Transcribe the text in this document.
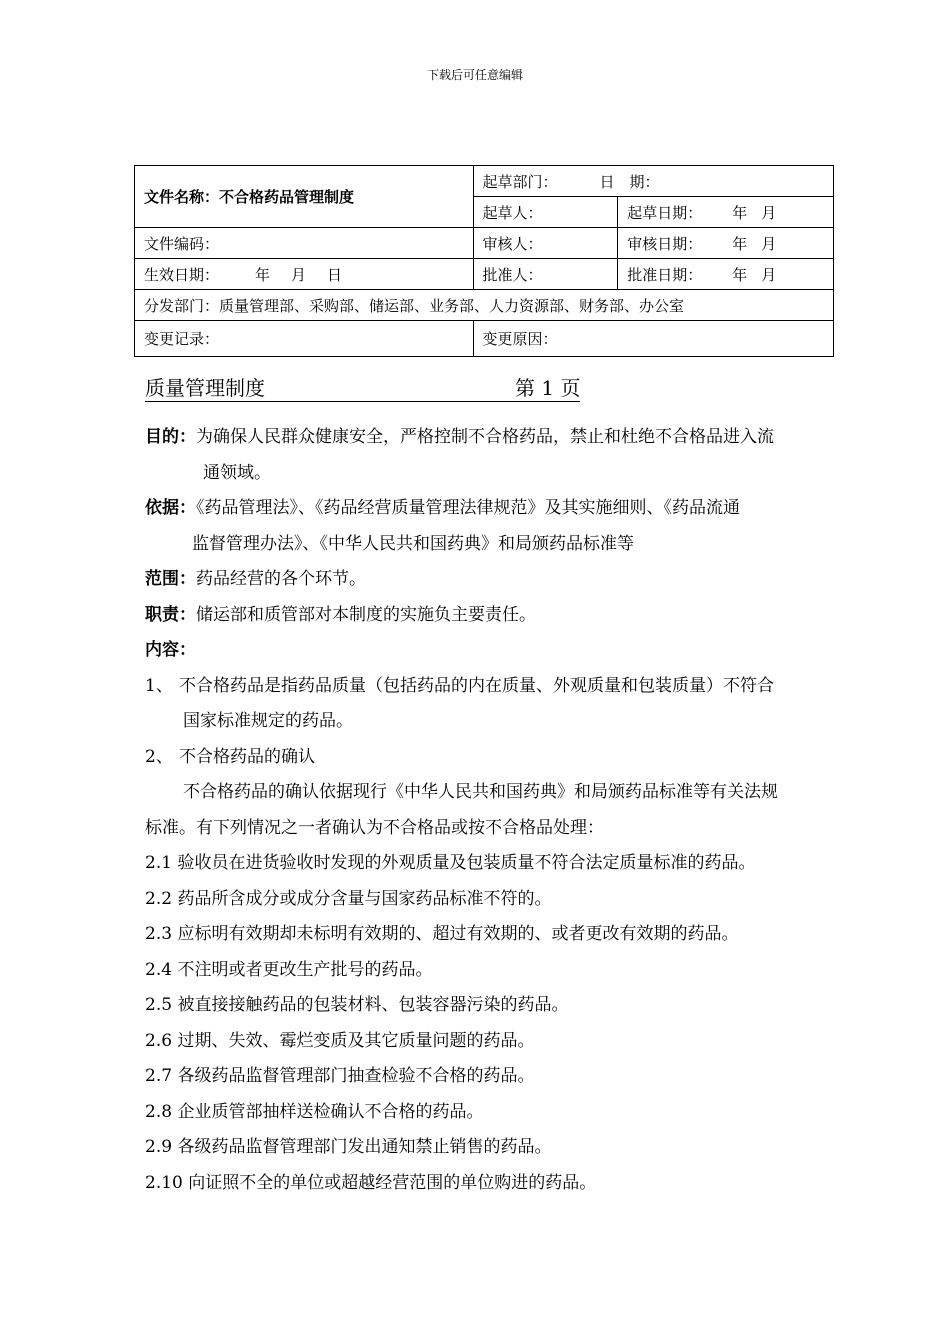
下载后可任意编辑
文件名称：不合格药品管理制度	起草部门： 日　期：	
	起草人：	起草日期： 年 月
文件编码：	审核人：	审核日期： 年 月
生效日期： 年 月 日	批准人：	批准日期： 年 月
分发部门：质量管理部、采购部、储运部、业务部、人力资源部、财务部、办公室		
变更记录：	变更原因：	
质量管理制度	第 1 页

目的：为确保人民群众健康安全，严格控制不合格药品，禁止和杜绝不合格品进入流

通领域。

依据：《药品管理法》、《药品经营质量管理法律规范》及其实施细则、《药品流通

监督管理办法》、《中华人民共和国药典》和局颁药品标准等

范围：药品经营的各个环节。

职责：储运部和质管部对本制度的实施负主要责任。

内容：

1、 不合格药品是指药品质量（包括药品的内在质量、外观质量和包装质量）不符合

国家标准规定的药品。

2、 不合格药品的确认

不合格药品的确认依据现行《中华人民共和国药典》和局颁药品标准等有关法规

标准。有下列情况之一者确认为不合格品或按不合格品处理：

2.1 验收员在进货验收时发现的外观质量及包装质量不符合法定质量标准的药品。

2.2 药品所含成分或成分含量与国家药品标准不符的。

2.3 应标明有效期却未标明有效期的、超过有效期的、或者更改有效期的药品。

2.4 不注明或者更改生产批号的药品。

2.5 被直接接触药品的包装材料、包装容器污染的药品。

2.6 过期、失效、霉烂变质及其它质量问题的药品。

2.7 各级药品监督管理部门抽查检验不合格的药品。

2.8 企业质管部抽样送检确认不合格的药品。

2.9 各级药品监督管理部门发出通知禁止销售的药品。

2.10 向证照不全的单位或超越经营范围的单位购进的药品。
